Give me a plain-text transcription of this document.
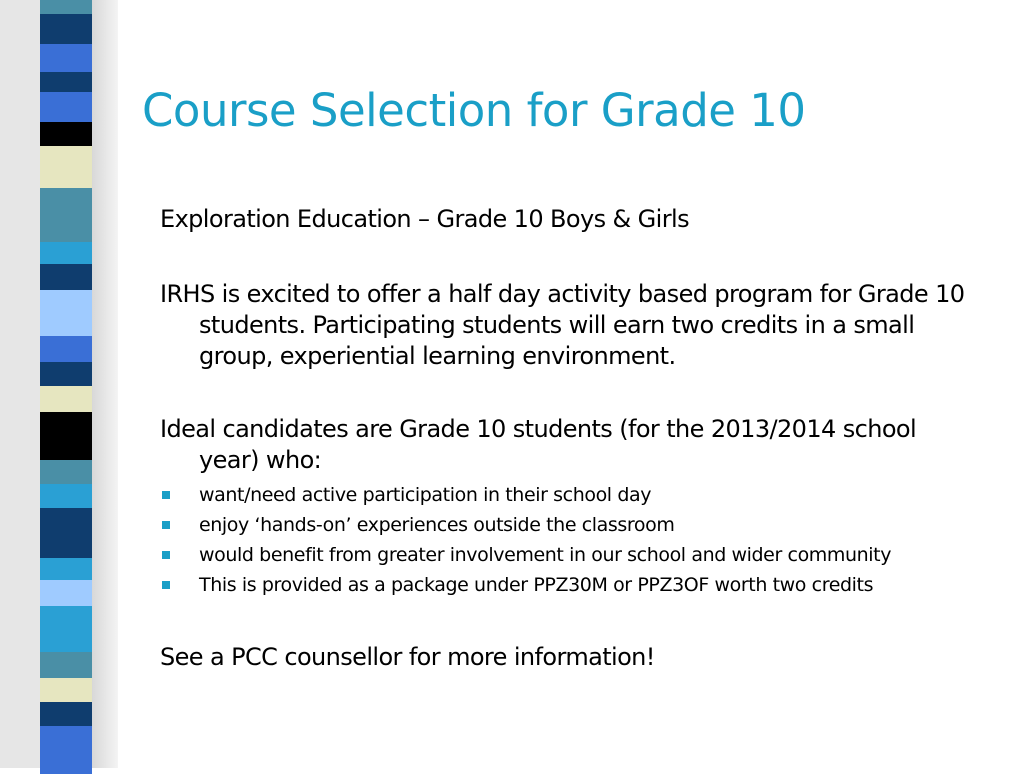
Course Selection for Grade 10

Exploration Education – Grade 10 Boys & Girls

IRHS is excited to offer a half day activity based program for Grade 10 students. Participating students will earn two credits in a small group, experiential learning environment.

Ideal candidates are Grade 10 students (for the 2013/2014 school year) who:

want/need active participation in their school day
enjoy ‘hands-on’ experiences outside the classroom
would benefit from greater involvement in our school and wider community
This is provided as a package under PPZ30M or PPZ3OF worth two credits

See a PCC counsellor for more information!
